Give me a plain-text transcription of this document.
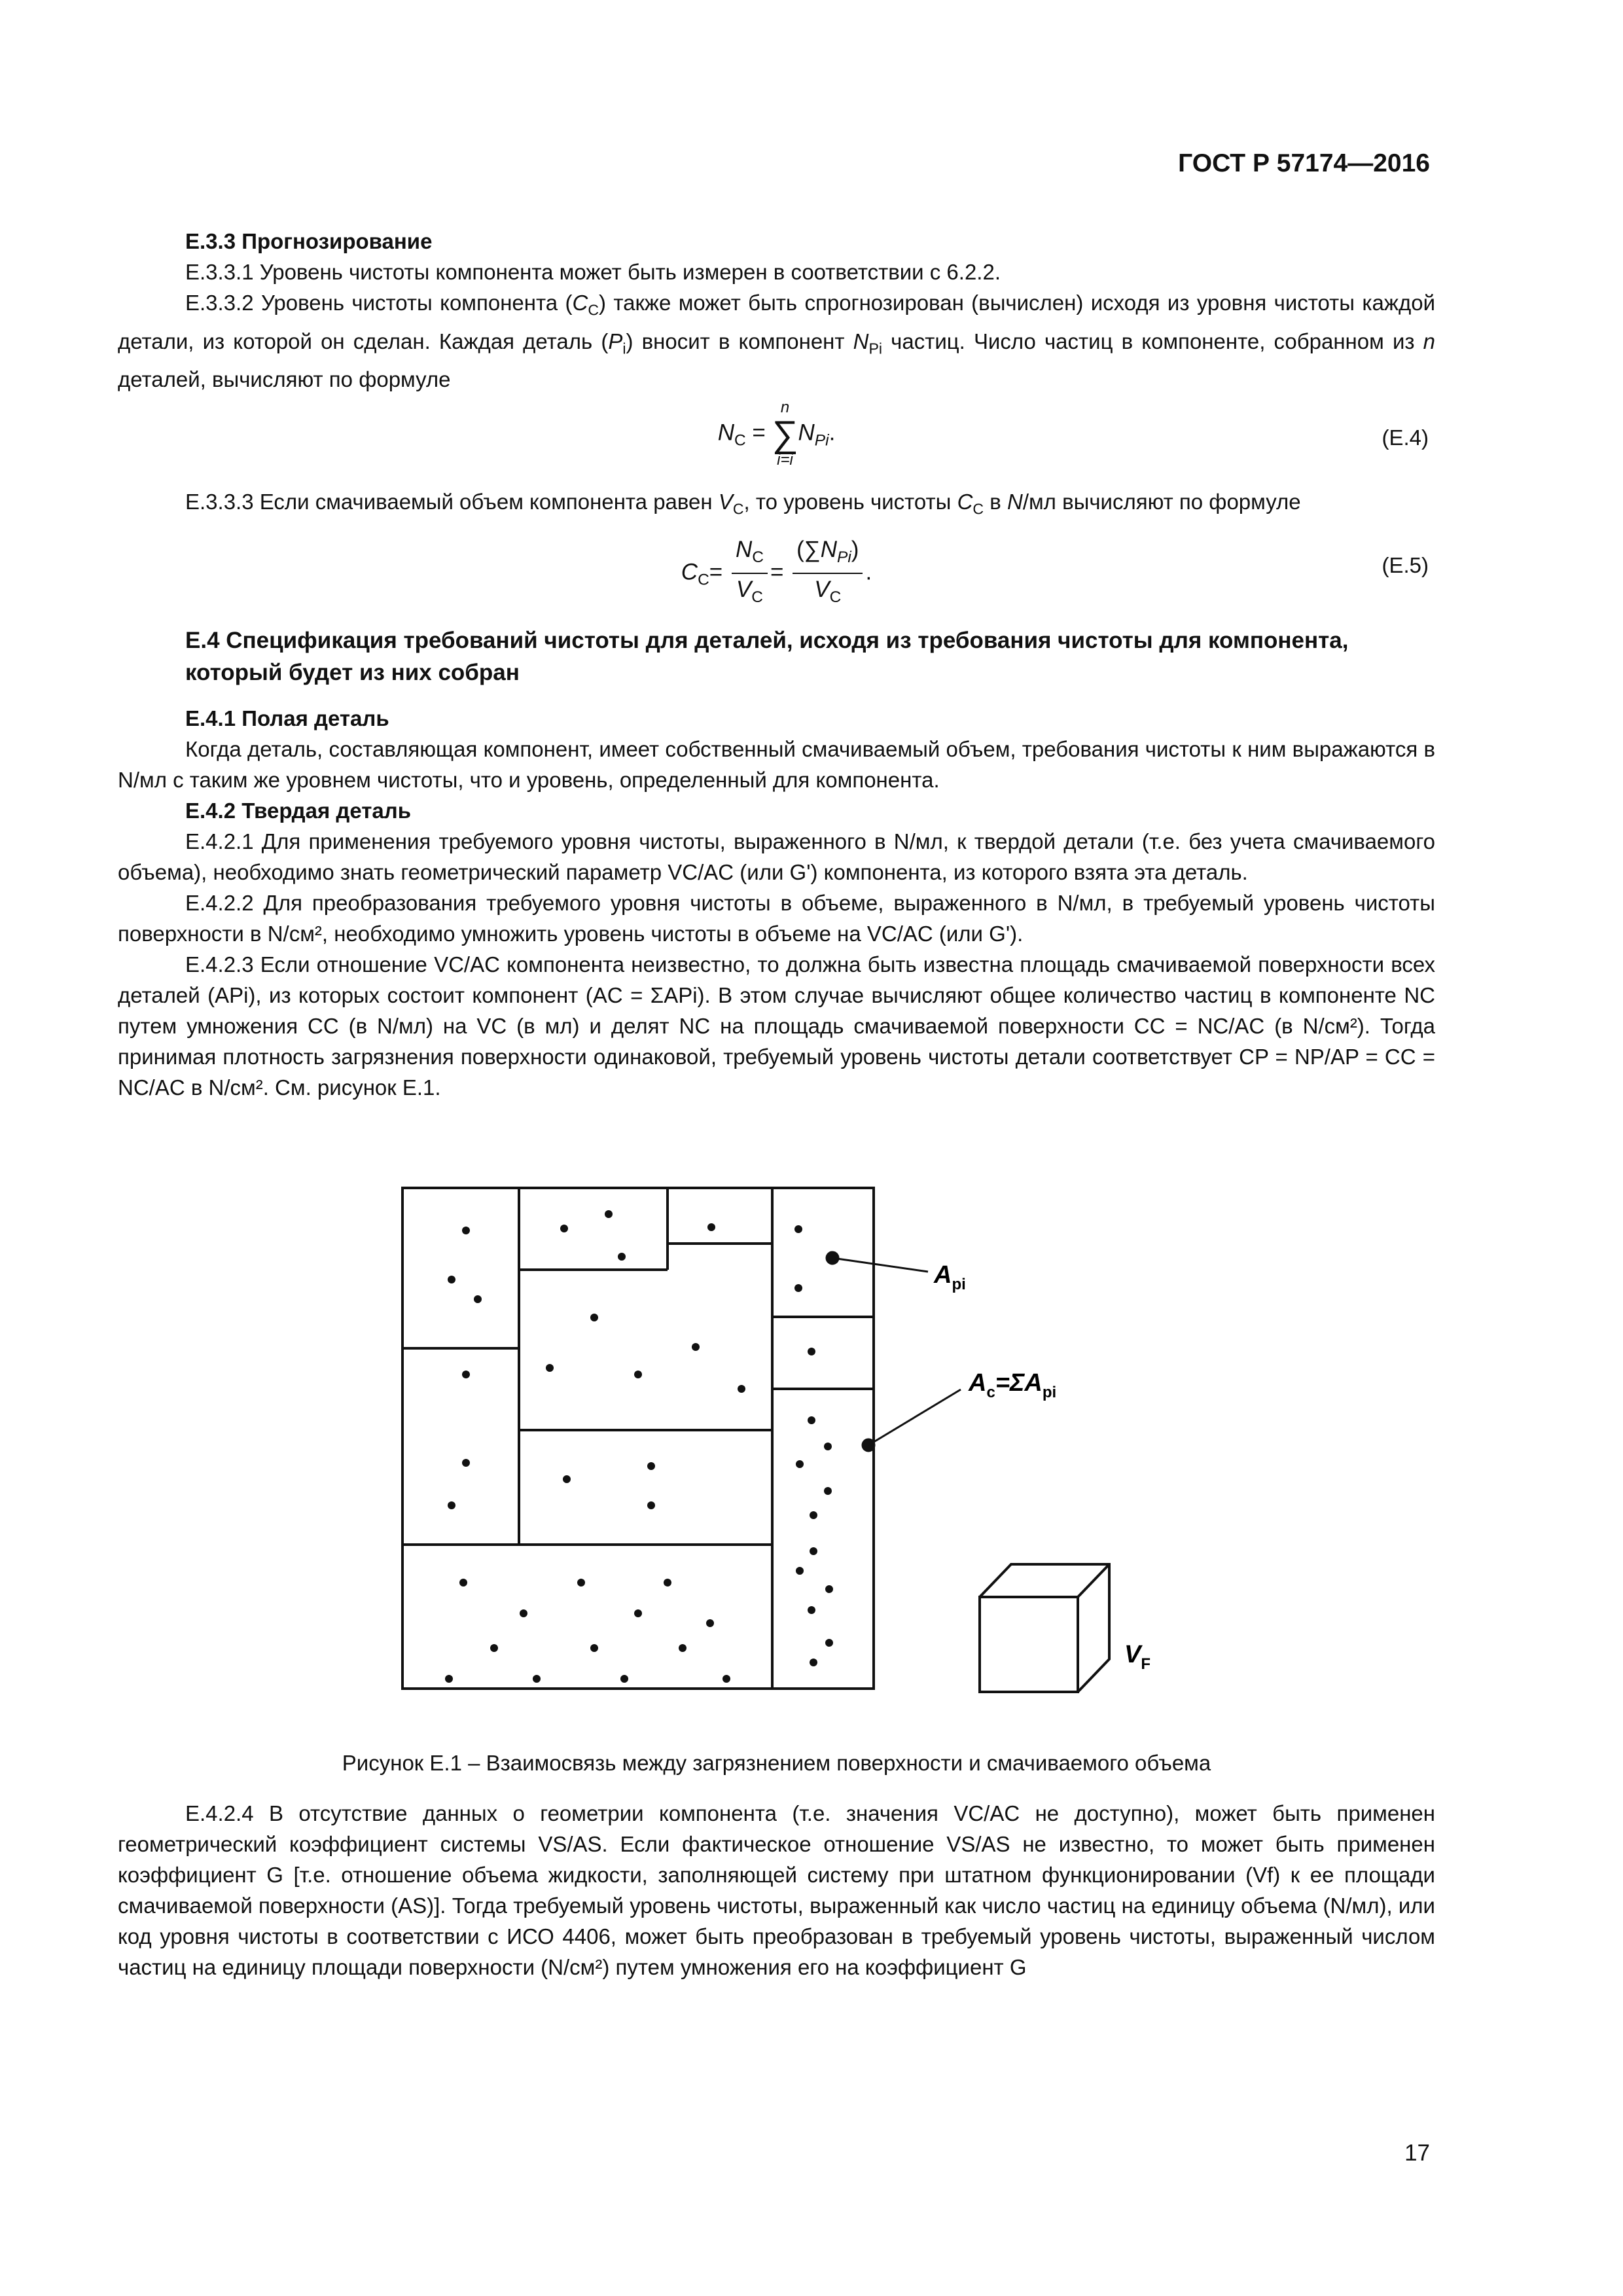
ГОСТ Р 57174—2016
E.3.3 Прогнозирование

E.3.3.1 Уровень чистоты компонента может быть измерен в соответствии с 6.2.2.

E.3.3.2 Уровень чистоты компонента $(C_C)$ также может быть спрогнозирован (вычислен) исходя из уровня чистоты каждой детали, из которой он сделан. Каждая деталь $(P_i)$ вносит в компонент $N_{Pi}$ частиц. Число частиц в компоненте, собранном из n деталей, вычисляют по формуле

$N_C$ =
n
∑
i=i
$N_{Pi}$.	(E.4)

E.3.3.3 Если смачиваемый объем компонента равен $V_C$, то уровень чистоты $C_C$ в N/мл вычисляют по формуле

$C_C= \frac{N_C}{V_C} = \frac{(\sum N_{Pi})}{V_C}$ .	(E.5)
E.4 Спецификация требований чистоты для деталей, исходя из требования чистоты для компонента, который будет из них собран
E.4.1 Полая деталь

Когда деталь, составляющая компонент, имеет собственный смачиваемый объем, требования чистоты к ним выражаются в N/мл с таким же уровнем чистоты, что и уровень, определенный для компонента.

E.4.2 Твердая деталь

E.4.2.1 Для применения требуемого уровня чистоты, выраженного в N/мл, к твердой детали (т.е. без учета смачиваемого объема), необходимо знать геометрический параметр VC/AC (или G') компонента, из которого взята эта деталь.

E.4.2.2 Для преобразования требуемого уровня чистоты в объеме, выраженного в N/мл, в требуемый уровень чистоты поверхности в N/см², необходимо умножить уровень чистоты в объеме на VC/AC (или G').

E.4.2.3 Если отношение VC/AC компонента неизвестно, то должна быть известна площадь смачиваемой поверхности всех деталей (APi), из которых состоит компонент (AC = ΣAPi). В этом случае вычисляют общее количество частиц в компоненте NC путем умножения CC (в N/мл) на VC (в мл) и делят NC на площадь смачиваемой поверхности CC = NC/AC (в N/см²). Тогда принимая плотность загрязнения поверхности одинаковой, требуемый уровень чистоты детали соответствует CP = NP/AP = CC = NC/AC в N/см². См. рисунок E.1.

$A_{pi}$
$A_c=\Sigma A_{pi}$
$V_F$
Рисунок E.1 – Взаимосвязь между загрязнением поверхности и смачиваемого объема

E.4.2.4 В отсутствие данных о геометрии компонента (т.е. значения VC/AC не доступно), может быть применен геометрический коэффициент системы VS/AS. Если фактическое отношение VS/AS не известно, то может быть применен коэффициент G [т.е. отношение объема жидкости, заполняющей систему при штатном функционировании (Vf) к ее площади смачиваемой поверхности (AS)]. Тогда требуемый уровень чистоты, выраженный как число частиц на единицу объема (N/мл), или код уровня чистоты в соответствии с ИСО 4406, может быть преобразован в требуемый уровень чистоты, выраженный числом частиц на единицу площади поверхности (N/см²) путем умножения его на коэффициент G

17
